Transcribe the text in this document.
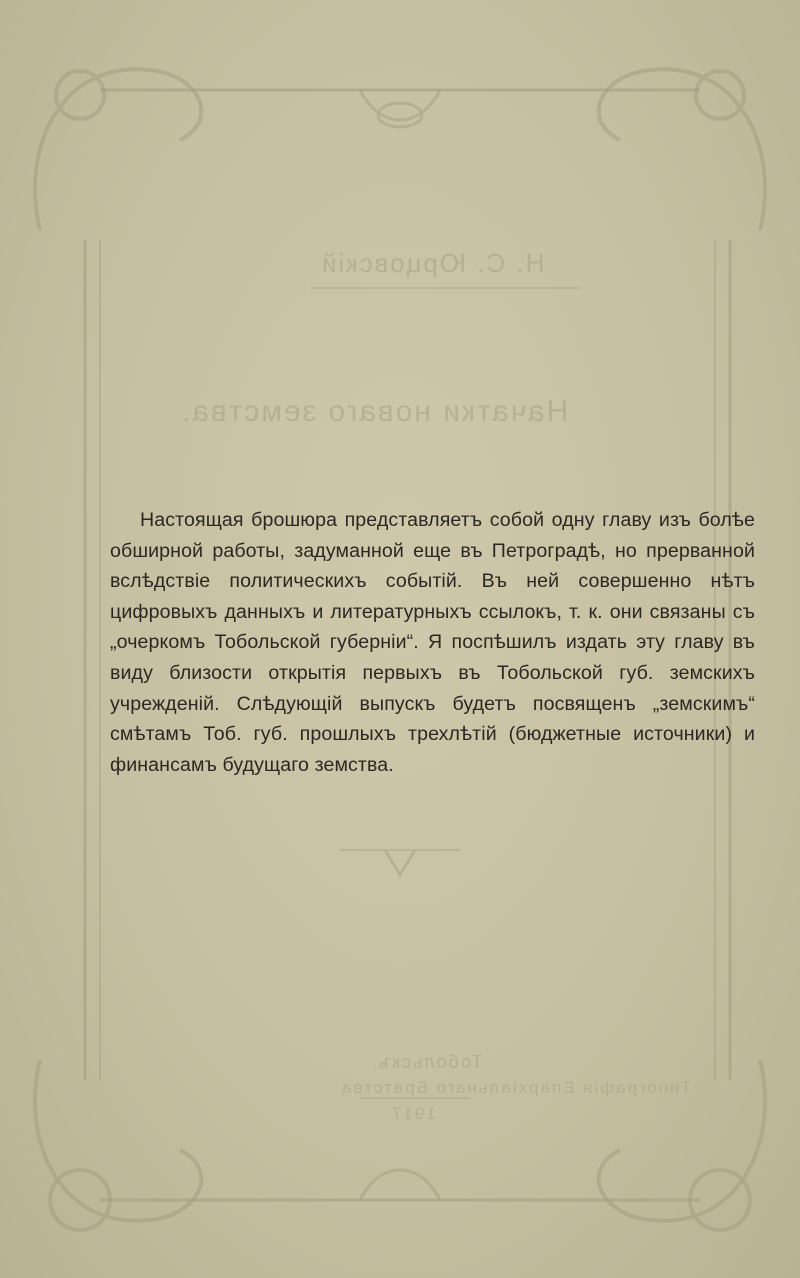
Н. С. Юрцовскій
Начатки новаго земства.
Тобольскъ.
Типографія Епархіальнаго Братства
1917

Настоящая брошюра представляетъ собой одну главу изъ болѣе обширной работы, задуманной еще въ Петроградѣ, но прерванной вслѣдствіе политическихъ событій. Въ ней совершенно нѣтъ цифровыхъ данныхъ и литературныхъ ссылокъ, т. к. они связаны съ „очеркомъ Тобольской губерніи“. Я поспѣшилъ издать эту главу въ виду близости открытія первыхъ въ Тобольской губ. земскихъ учрежденій. Слѣдующій выпускъ будетъ посвященъ „земскимъ“ смѣтамъ Тоб. губ. прошлыхъ трехлѣтій (бюджетные источники) и финансамъ будущаго земства.
